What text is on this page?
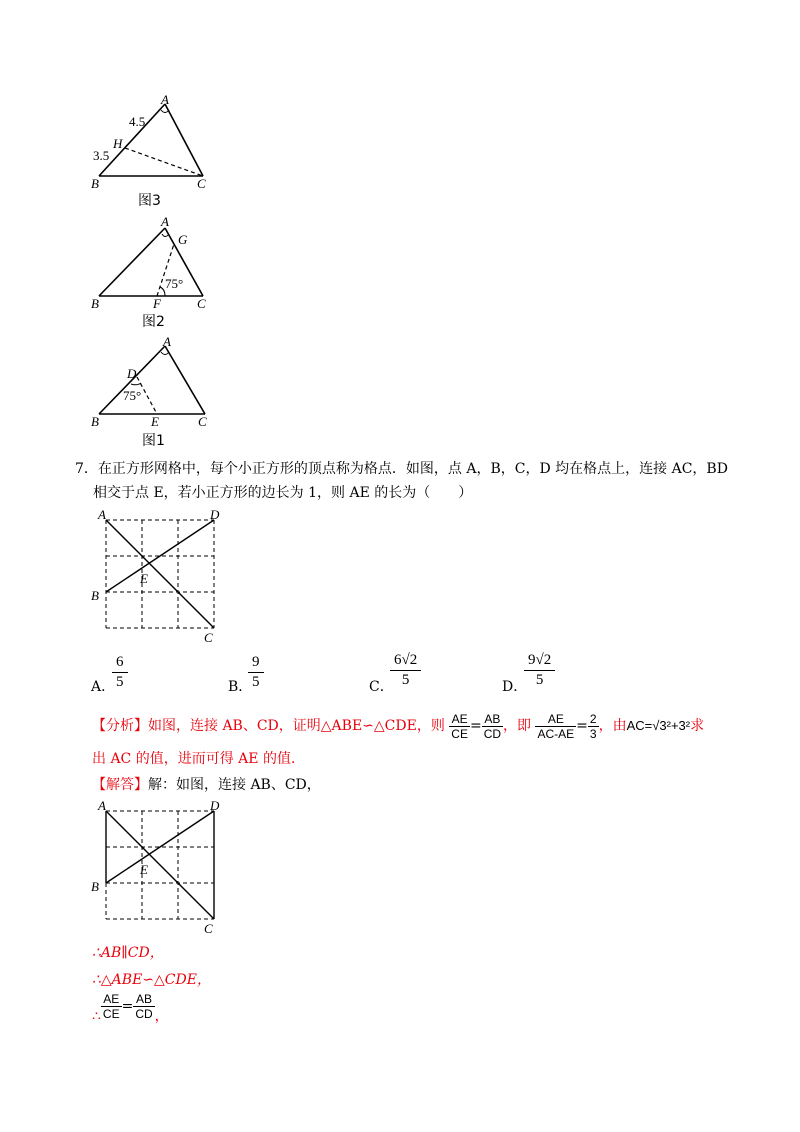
A
H
B	C
4.5
3.5
图3
A
G
75°
B	F	C
图2
A
D
75°
B	E	C
图1
7．在正方形网格中，每个小正方形的顶点称为格点．如图，点 A，B，C，D 均在格点上，连接 AC，BD
相交于点 E，若小正方形的边长为 1，则 AE 的长为（　　）
A	D
B
E
C
A．
$\frac{6}{5}$	B．
$\frac{9}{5}$	C．
$\frac{6√2}{5}$	D．
$\frac{9√2}{5}$
【分析】如图，连接 AB、CD，证明△ABE∽△CDE，则 $\frac{AE}{CE} = \frac{AB}{CD}$ ，即 $\frac{AE}{AC-AE} = \frac{2}{3}$ ，由AC=√3²+3²求
出 AC 的值，进而可得 AE 的值．
【解答】解：如图，连接 AB、CD，
A	D
B
E
C
∴AB∥CD，
∴△ABE∽△CDE，
∴ $\frac{AE}{CE} = \frac{AB}{CD}$ ，
